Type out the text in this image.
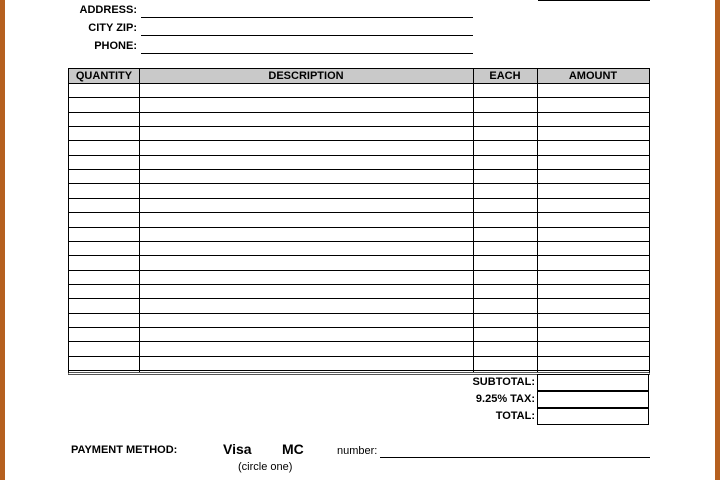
ADDRESS:
CITY ZIP:
PHONE:
QUANTITY	DESCRIPTION	EACH	AMOUNT
SUBTOTAL:
9.25% TAX:
TOTAL:
PAYMENT METHOD:	Visa MC
(circle one)
number:
